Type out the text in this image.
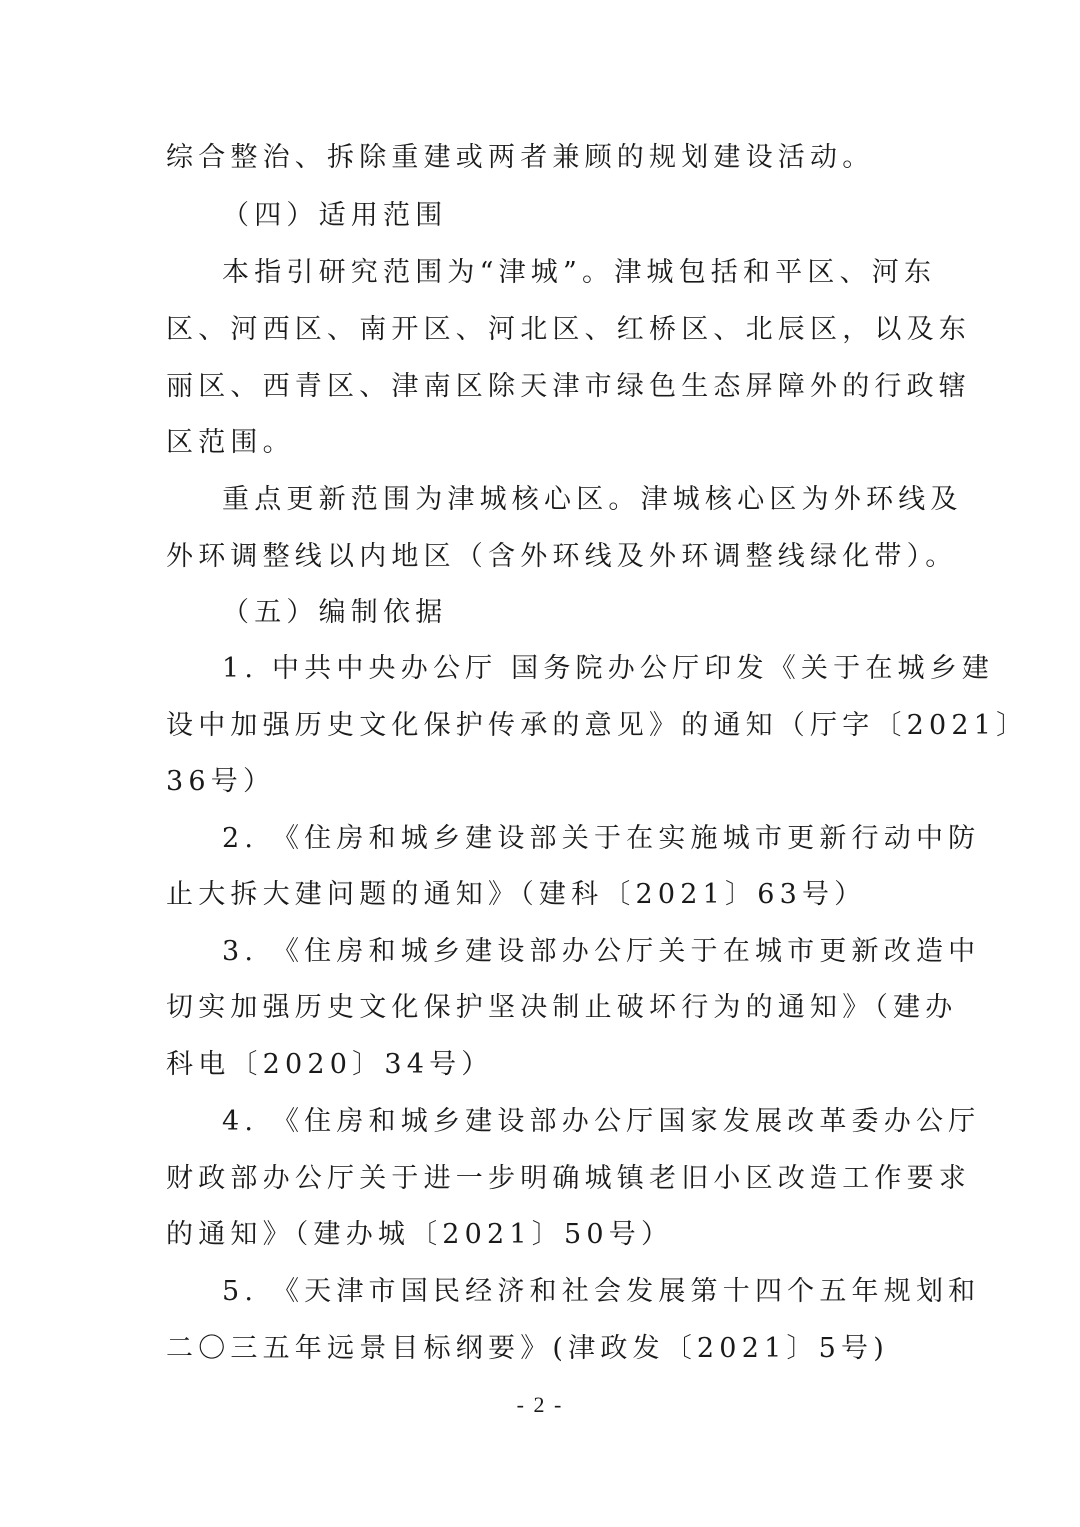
综合整治、拆除重建或两者兼顾的规划建设活动。
（四）适用范围
本指引研究范围为“津城”。津城包括和平区、河东
区、河西区、南开区、河北区、红桥区、北辰区，以及东
丽区、西青区、津南区除天津市绿色生态屏障外的行政辖
区范围。
重点更新范围为津城核心区。津城核心区为外环线及
外环调整线以内地区（含外环线及外环调整线绿化带）。
（五）编制依据
1. 中共中央办公厅 国务院办公厅印发《关于在城乡建
设中加强历史文化保护传承的意见》的通知（厅字〔2021〕
36号）
2. 《住房和城乡建设部关于在实施城市更新行动中防
止大拆大建问题的通知》（建科〔2021〕63号）
3. 《住房和城乡建设部办公厅关于在城市更新改造中
切实加强历史文化保护坚决制止破坏行为的通知》（建办
科电〔2020〕34号）
4. 《住房和城乡建设部办公厅国家发展改革委办公厅
财政部办公厅关于进一步明确城镇老旧小区改造工作要求
的通知》（建办城〔2021〕50号）
5. 《天津市国民经济和社会发展第十四个五年规划和
二〇三五年远景目标纲要》(津政发〔2021〕5号)
- 2 -
